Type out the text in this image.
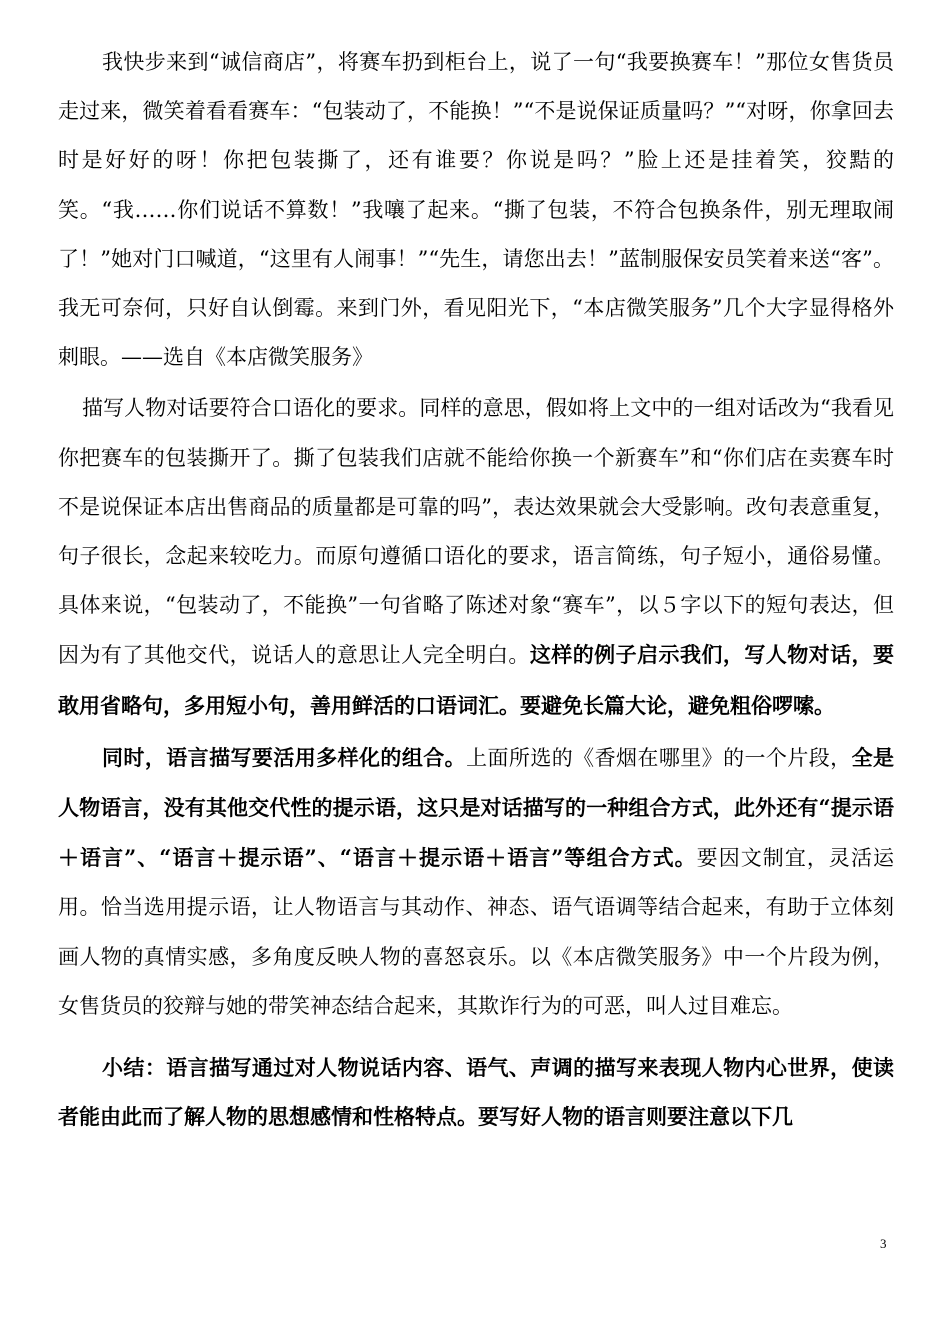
我快步来到“诚信商店”，将赛车扔到柜台上，说了一句“我要换赛车！”那位女售货员走过来，微笑着看看赛车：“包装动了，不能换！”“不是说保证质量吗？”“对呀，你拿回去时是好好的呀！你把包装撕了，还有谁要？你说是吗？”脸上还是挂着笑，狡黠的笑。“我……你们说话不算数！”我嚷了起来。“撕了包装，不符合包换条件，别无理取闹了！”她对门口喊道，“这里有人闹事！”“先生，请您出去！”蓝制服保安员笑着来送“客”。我无可奈何，只好自认倒霉。来到门外，看见阳光下，“本店微笑服务”几个大字显得格外刺眼。——选自《本店微笑服务》

描写人物对话要符合口语化的要求。同样的意思，假如将上文中的一组对话改为“我看见你把赛车的包装撕开了。撕了包装我们店就不能给你换一个新赛车”和“你们店在卖赛车时不是说保证本店出售商品的质量都是可靠的吗”，表达效果就会大受影响。改句表意重复，句子很长，念起来较吃力。而原句遵循口语化的要求，语言简练，句子短小，通俗易懂。具体来说，“包装动了，不能换”一句省略了陈述对象“赛车”，以５字以下的短句表达，但因为有了其他交代，说话人的意思让人完全明白。这样的例子启示我们，写人物对话，要敢用省略句，多用短小句，善用鲜活的口语词汇。要避免长篇大论，避免粗俗啰嗦。

同时，语言描写要活用多样化的组合。上面所选的《香烟在哪里》的一个片段，全是人物语言，没有其他交代性的提示语，这只是对话描写的一种组合方式，此外还有“提示语＋语言”、“语言＋提示语”、“语言＋提示语＋语言”等组合方式。要因文制宜，灵活运用。恰当选用提示语，让人物语言与其动作、神态、语气语调等结合起来，有助于立体刻画人物的真情实感，多角度反映人物的喜怒哀乐。以《本店微笑服务》中一个片段为例，女售货员的狡辩与她的带笑神态结合起来，其欺诈行为的可恶，叫人过目难忘。

小结：语言描写通过对人物说话内容、语气、声调的描写来表现人物内心世界，使读者能由此而了解人物的思想感情和性格特点。要写好人物的语言则要注意以下几

3
